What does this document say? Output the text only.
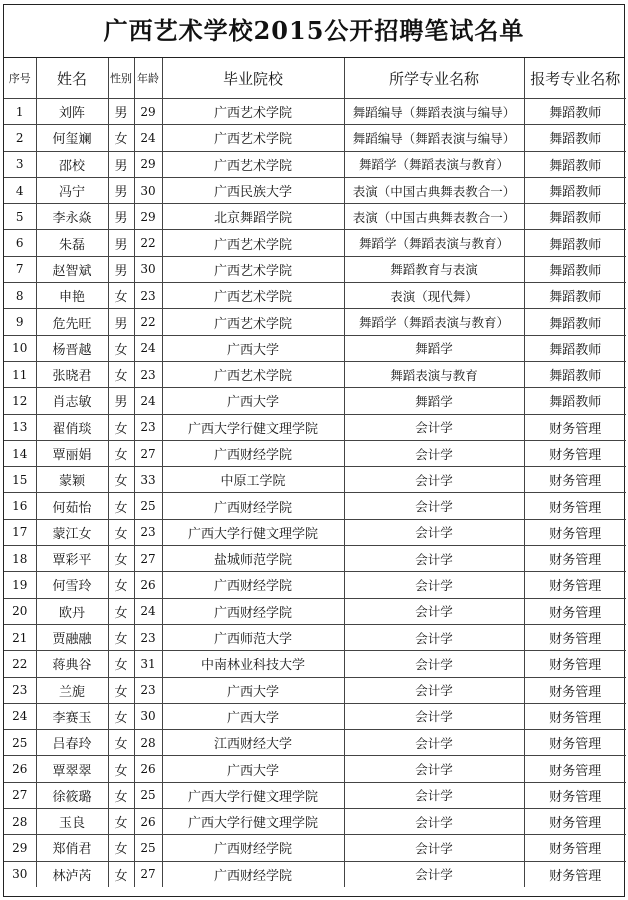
广西艺术学校2015公开招聘笔试名单
序号	姓名	性别	年龄	毕业院校	所学专业名称	报考专业名称
1	刘阵	男	29	广西艺术学院	舞蹈编导（舞蹈表演与编导）	舞蹈教师
2	何玺斓	女	24	广西艺术学院	舞蹈编导（舞蹈表演与编导）	舞蹈教师
3	邵校	男	29	广西艺术学院	舞蹈学（舞蹈表演与教育）	舞蹈教师
4	冯宁	男	30	广西民族大学	表演（中国古典舞表教合一）	舞蹈教师
5	李永焱	男	29	北京舞蹈学院	表演（中国古典舞表教合一）	舞蹈教师
6	朱磊	男	22	广西艺术学院	舞蹈学（舞蹈表演与教育）	舞蹈教师
7	赵智斌	男	30	广西艺术学院	舞蹈教育与表演	舞蹈教师
8	申艳	女	23	广西艺术学院	表演（现代舞）	舞蹈教师
9	危先旺	男	22	广西艺术学院	舞蹈学（舞蹈表演与教育）	舞蹈教师
10	杨晋越	女	24	广西大学	舞蹈学	舞蹈教师
11	张晓君	女	23	广西艺术学院	舞蹈表演与教育	舞蹈教师
12	肖志敏	男	24	广西大学	舞蹈学	舞蹈教师
13	翟俏琰	女	23	广西大学行健文理学院	会计学	财务管理
14	覃丽娟	女	27	广西财经学院	会计学	财务管理
15	蒙颖	女	33	中原工学院	会计学	财务管理
16	何茹怡	女	25	广西财经学院	会计学	财务管理
17	蒙江女	女	23	广西大学行健文理学院	会计学	财务管理
18	覃彩平	女	27	盐城师范学院	会计学	财务管理
19	何雪玲	女	26	广西财经学院	会计学	财务管理
20	欧丹	女	24	广西财经学院	会计学	财务管理
21	贾融融	女	23	广西师范大学	会计学	财务管理
22	蒋典谷	女	31	中南林业科技大学	会计学	财务管理
23	兰旎	女	23	广西大学	会计学	财务管理
24	李赛玉	女	30	广西大学	会计学	财务管理
25	吕春玲	女	28	江西财经大学	会计学	财务管理
26	覃翠翠	女	26	广西大学	会计学	财务管理
27	徐筱璐	女	25	广西大学行健文理学院	会计学	财务管理
28	玉良	女	26	广西大学行健文理学院	会计学	财务管理
29	郑俏君	女	25	广西财经学院	会计学	财务管理
30	林泸芮	女	27	广西财经学院	会计学	财务管理
